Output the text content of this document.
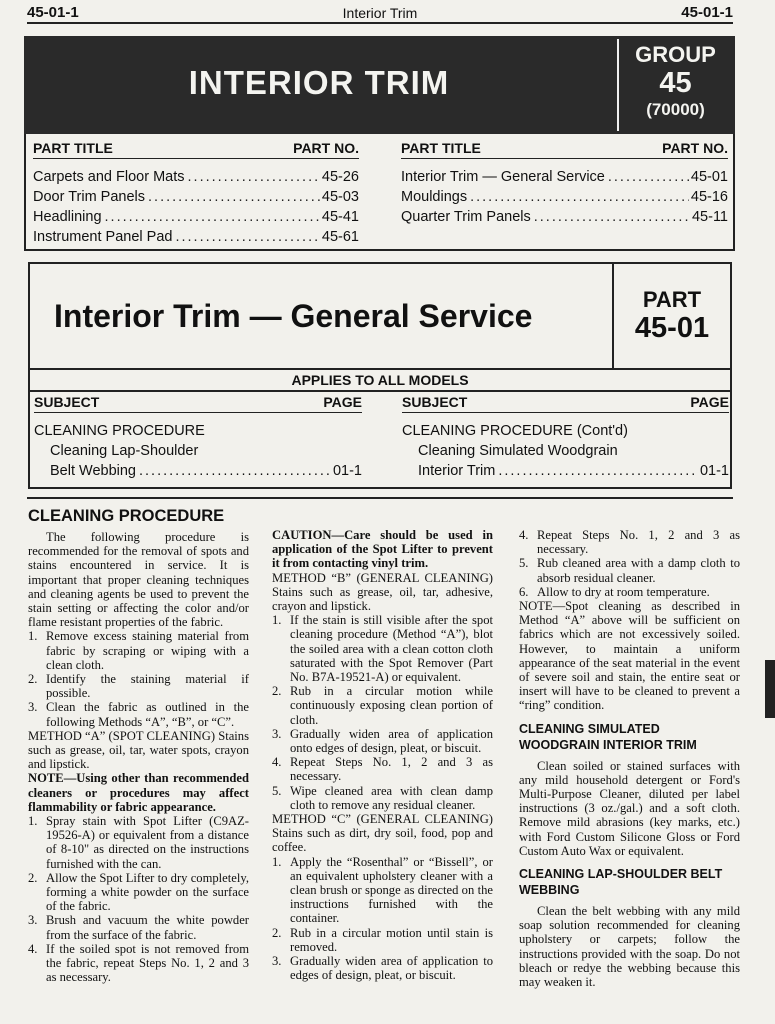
45-01-1	Interior Trim	45-01-1
INTERIOR TRIM
GROUP
45
(70000)
PART TITLE	PART NO.
Carpets and Floor Mats .....	45-26
Door Trim Panels .....	45-03
Headlining .....	45-41
Instrument Panel Pad .....	45-61
PART TITLE	PART NO.
Interior Trim — General Service .....	45-01
Mouldings .....	45-16
Quarter Trim Panels .....	45-11
Interior Trim — General Service	PART
45-01
APPLIES TO ALL MODELS
SUBJECT	PAGE
CLEANING PROCEDURE
Cleaning Lap-Shoulder
Belt Webbing .....	01-1
SUBJECT	PAGE
CLEANING PROCEDURE (Cont'd)
Cleaning Simulated Woodgrain
Interior Trim .....	01-1
CLEANING PROCEDURE

The following procedure is recommended for the removal of spots and stains encountered in service. It is important that proper cleaning techniques and cleaning agents be used to prevent the stain setting or affecting the color and/or flame resistant properties of the fabric.

1. Remove excess staining material from fabric by scraping or wiping with a clean cloth.
2. Identify the staining material if possible.
3. Clean the fabric as outlined in the following Methods “A”, “B”, or “C”.

METHOD “A” (SPOT CLEANING) Stains such as grease, oil, tar, water spots, crayon and lipstick.

NOTE—Using other than recommended cleaners or procedures may affect flammability or fabric appearance.

1. Spray stain with Spot Lifter (C9AZ-19526-A) or equivalent from a distance of 8-10" as directed on the instructions furnished with the can.
2. Allow the Spot Lifter to dry completely, forming a white powder on the surface of the fabric.
3. Brush and vacuum the white powder from the surface of the fabric.
4. If the soiled spot is not removed from the fabric, repeat Steps No. 1, 2 and 3 as necessary.

CAUTION—Care should be used in application of the Spot Lifter to prevent it from contacting vinyl trim.

METHOD “B” (GENERAL CLEANING) Stains such as grease, oil, tar, adhesive, crayon and lipstick.

1. If the stain is still visible after the spot cleaning procedure (Method “A”), blot the soiled area with a clean cotton cloth saturated with the Spot Remover (Part No. B7A-19521-A) or equivalent.
2. Rub in a circular motion while continuously exposing clean portion of cloth.
3. Gradually widen area of application onto edges of design, pleat, or biscuit.
4. Repeat Steps No. 1, 2 and 3 as necessary.
5. Wipe cleaned area with clean damp cloth to remove any residual cleaner.

METHOD “C” (GENERAL CLEANING) Stains such as dirt, dry soil, food, pop and coffee.

1. Apply the “Rosenthal” or “Bissell”, or an equivalent upholstery cleaner with a clean brush or sponge as directed on the instructions furnished with the container.
2. Rub in a circular motion until stain is removed.
3. Gradually widen area of application to edges of design, pleat, or biscuit.
4. Repeat Steps No. 1, 2 and 3 as necessary.
5. Rub cleaned area with a damp cloth to absorb residual cleaner.
6. Allow to dry at room temperature.

NOTE—Spot cleaning as described in Method “A” above will be sufficient on fabrics which are not excessively soiled. However, to maintain a uniform appearance of the seat material in the event of severe soil and stain, the entire seat or insert will have to be cleaned to prevent a “ring” condition.

CLEANING SIMULATED WOODGRAIN INTERIOR TRIM

Clean soiled or stained surfaces with any mild household detergent or Ford's Multi-Purpose Cleaner, diluted per label instructions (3 oz./gal.) and a soft cloth. Remove mild abrasions (key marks, etc.) with Ford Custom Silicone Gloss or Ford Custom Auto Wax or equivalent.

CLEANING LAP-SHOULDER BELT WEBBING

Clean the belt webbing with any mild soap solution recommended for cleaning upholstery or carpets; follow the instructions provided with the soap. Do not bleach or redye the webbing because this may weaken it.
